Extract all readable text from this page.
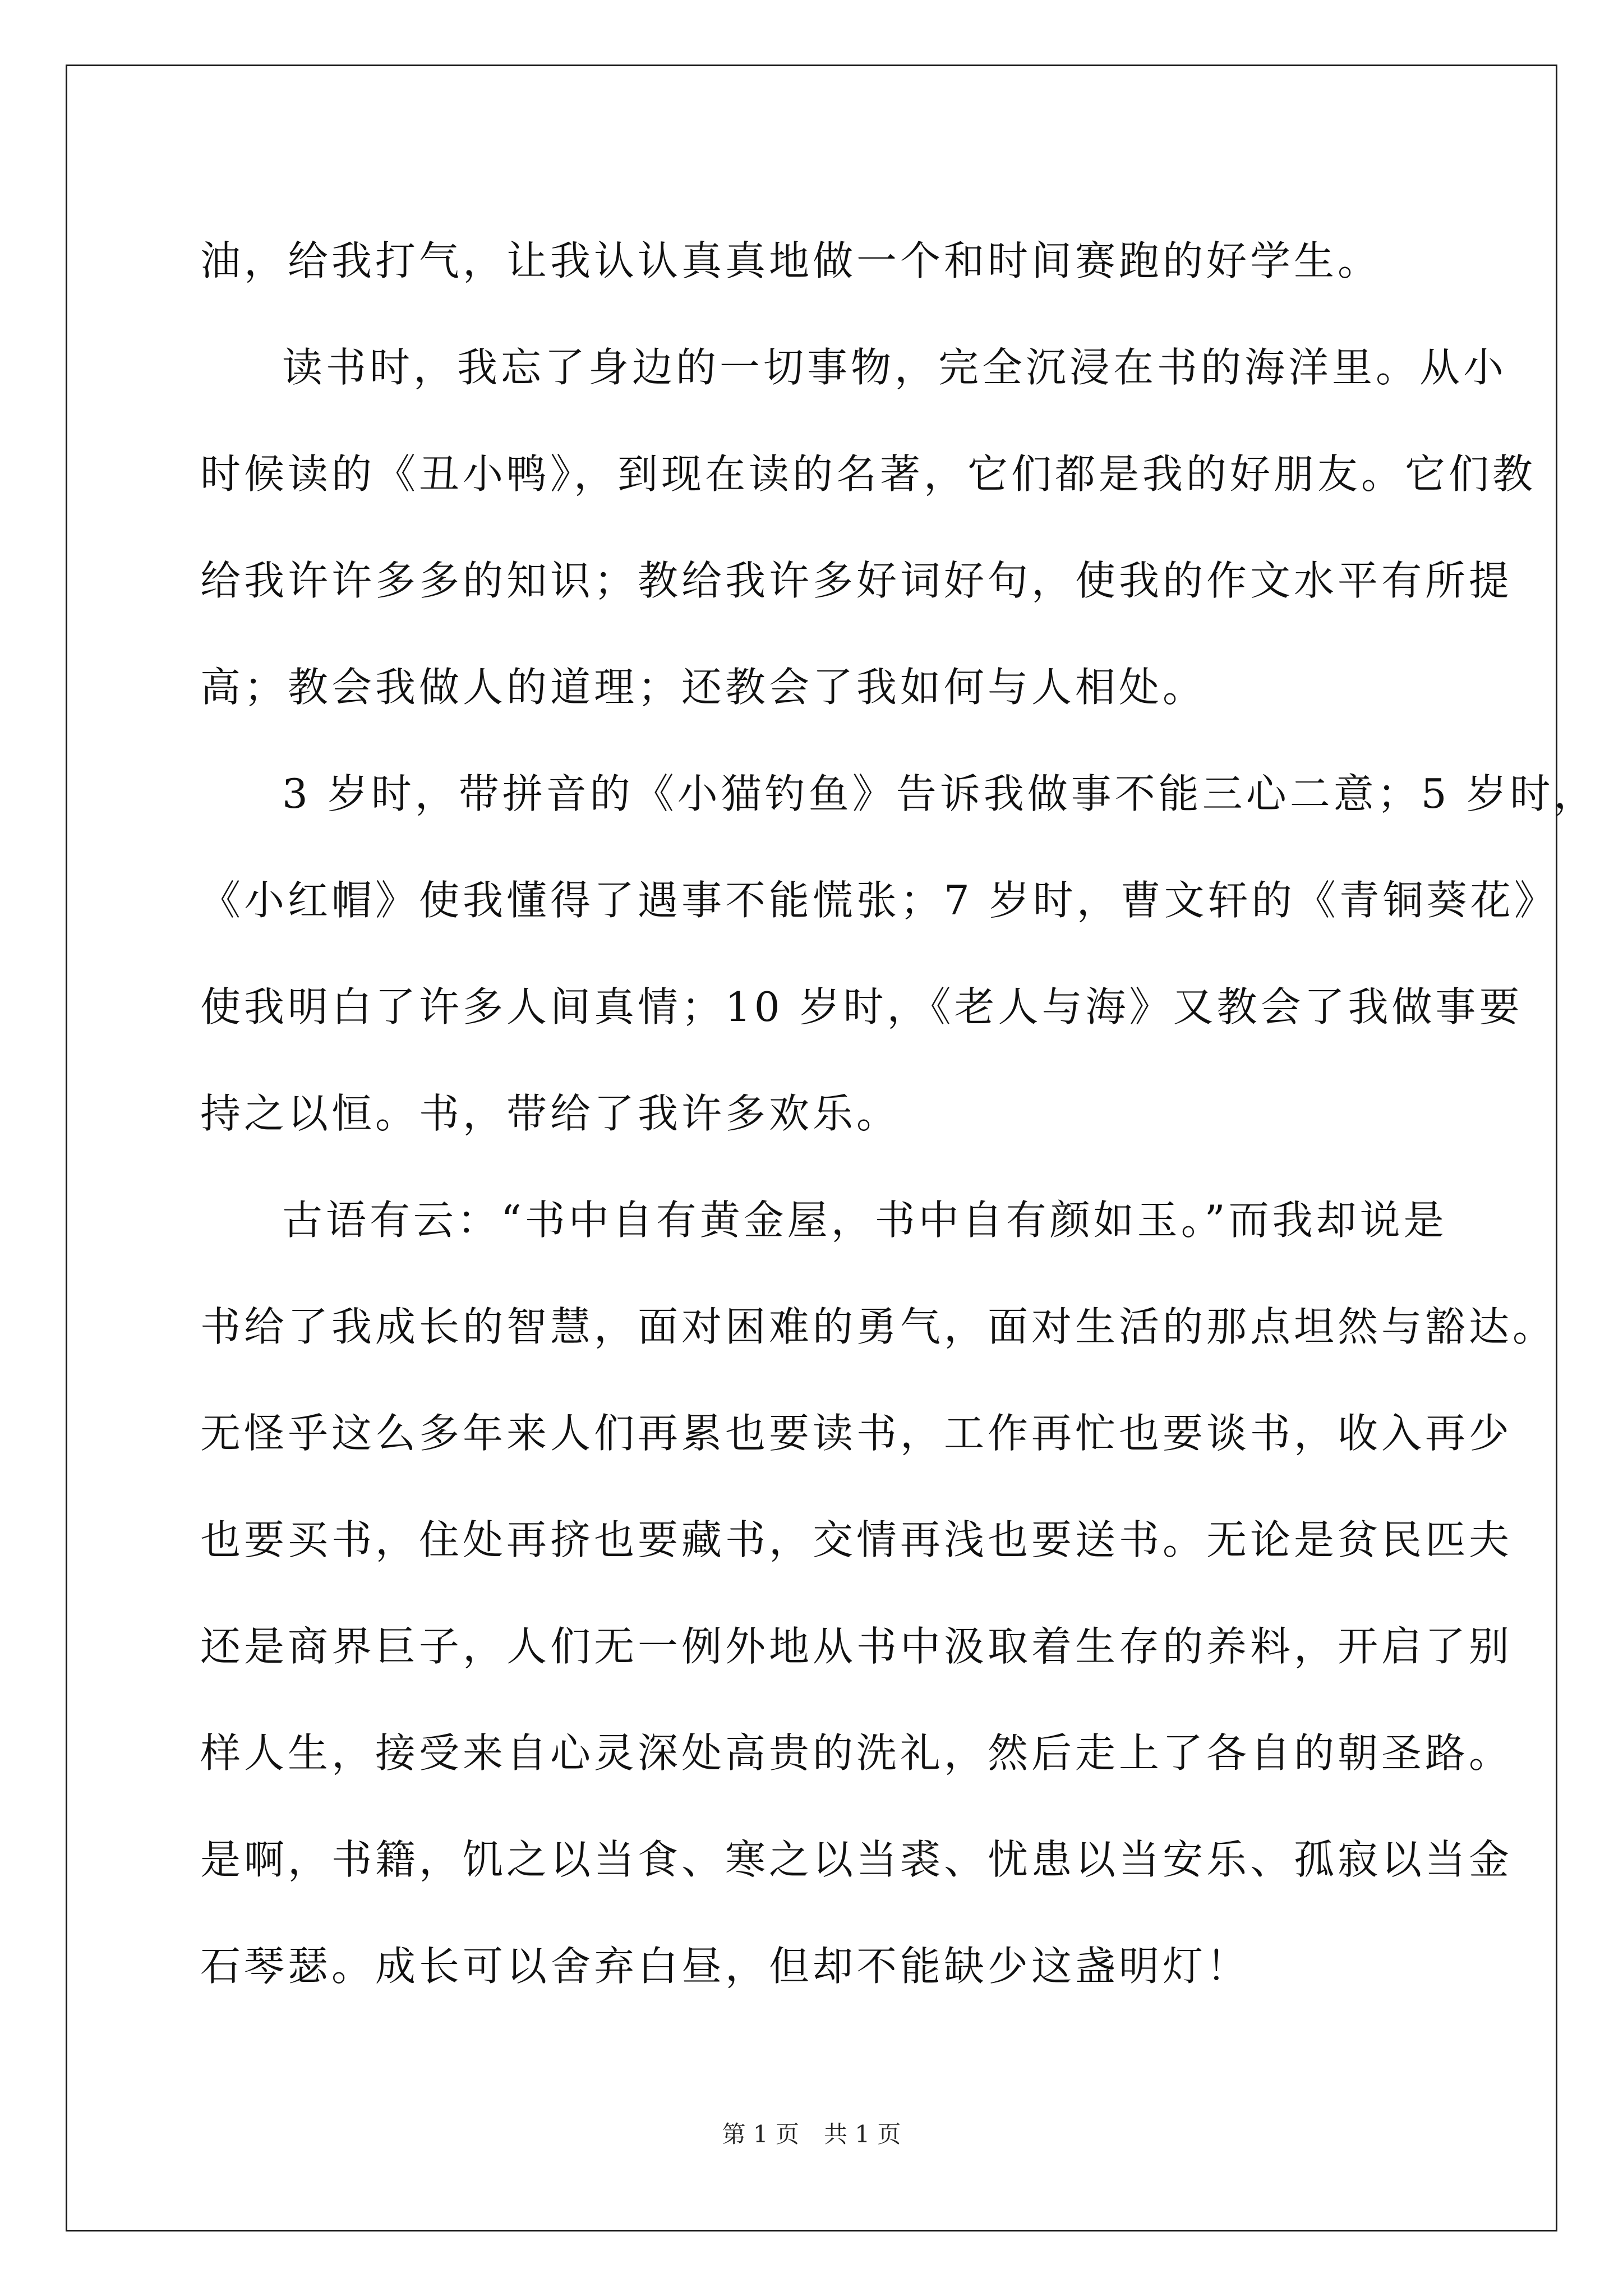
油，给我打气，让我认认真真地做一个和时间赛跑的好学生。
读书时，我忘了身边的一切事物，完全沉浸在书的海洋里。从小
时候读的《丑小鸭》，到现在读的名著，它们都是我的好朋友。它们教
给我许许多多的知识；教给我许多好词好句，使我的作文水平有所提
高；教会我做人的道理；还教会了我如何与人相处。
3 岁时，带拼音的《小猫钓鱼》告诉我做事不能三心二意；5 岁时，
《小红帽》使我懂得了遇事不能慌张；7 岁时，曹文轩的《青铜葵花》
使我明白了许多人间真情；10 岁时，《老人与海》又教会了我做事要
持之以恒。书，带给了我许多欢乐。
古语有云：“书中自有黄金屋，书中自有颜如玉。”而我却说是
书给了我成长的智慧，面对困难的勇气，面对生活的那点坦然与豁达。
无怪乎这么多年来人们再累也要读书，工作再忙也要谈书，收入再少
也要买书，住处再挤也要藏书，交情再浅也要送书。无论是贫民匹夫
还是商界巨子，人们无一例外地从书中汲取着生存的养料，开启了别
样人生，接受来自心灵深处高贵的洗礼，然后走上了各自的朝圣路。
是啊，书籍，饥之以当食、寒之以当裘、忧患以当安乐、孤寂以当金
石琴瑟。成长可以舍弃白昼，但却不能缺少这盏明灯！
第 1 页 共 1 页
